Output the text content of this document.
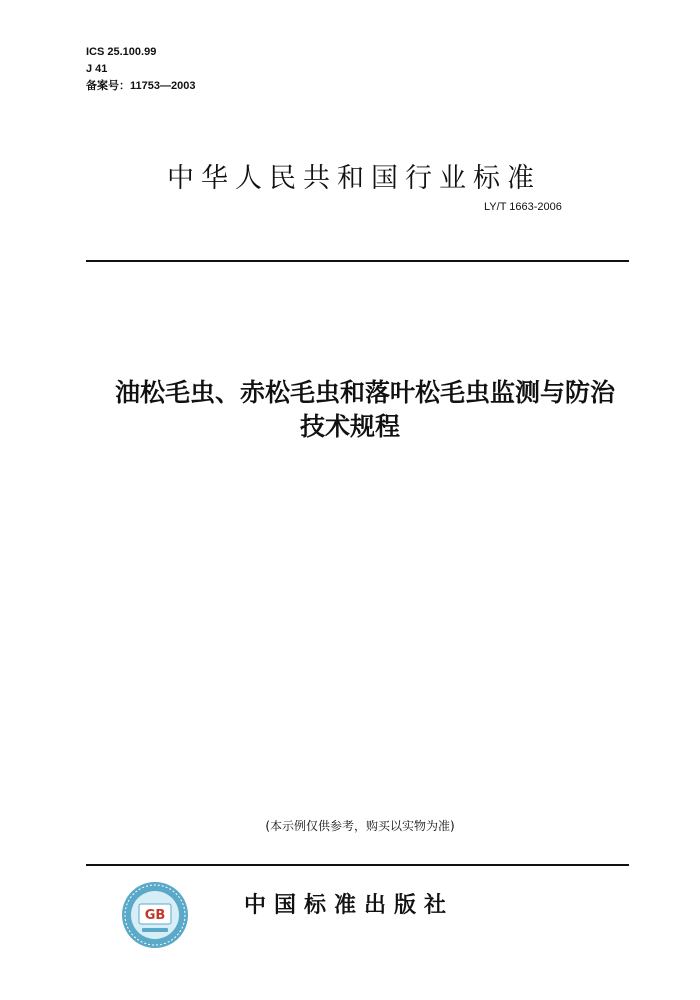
ICS 25.100.99
J 41
备案号：11753—2003
中华人民共和国行业标准
LY/T 1663-2006
油松毛虫、赤松毛虫和落叶松毛虫监测与防治
技术规程
(本示例仅供参考，购买以实物为准)
GB	中国标准出版社
